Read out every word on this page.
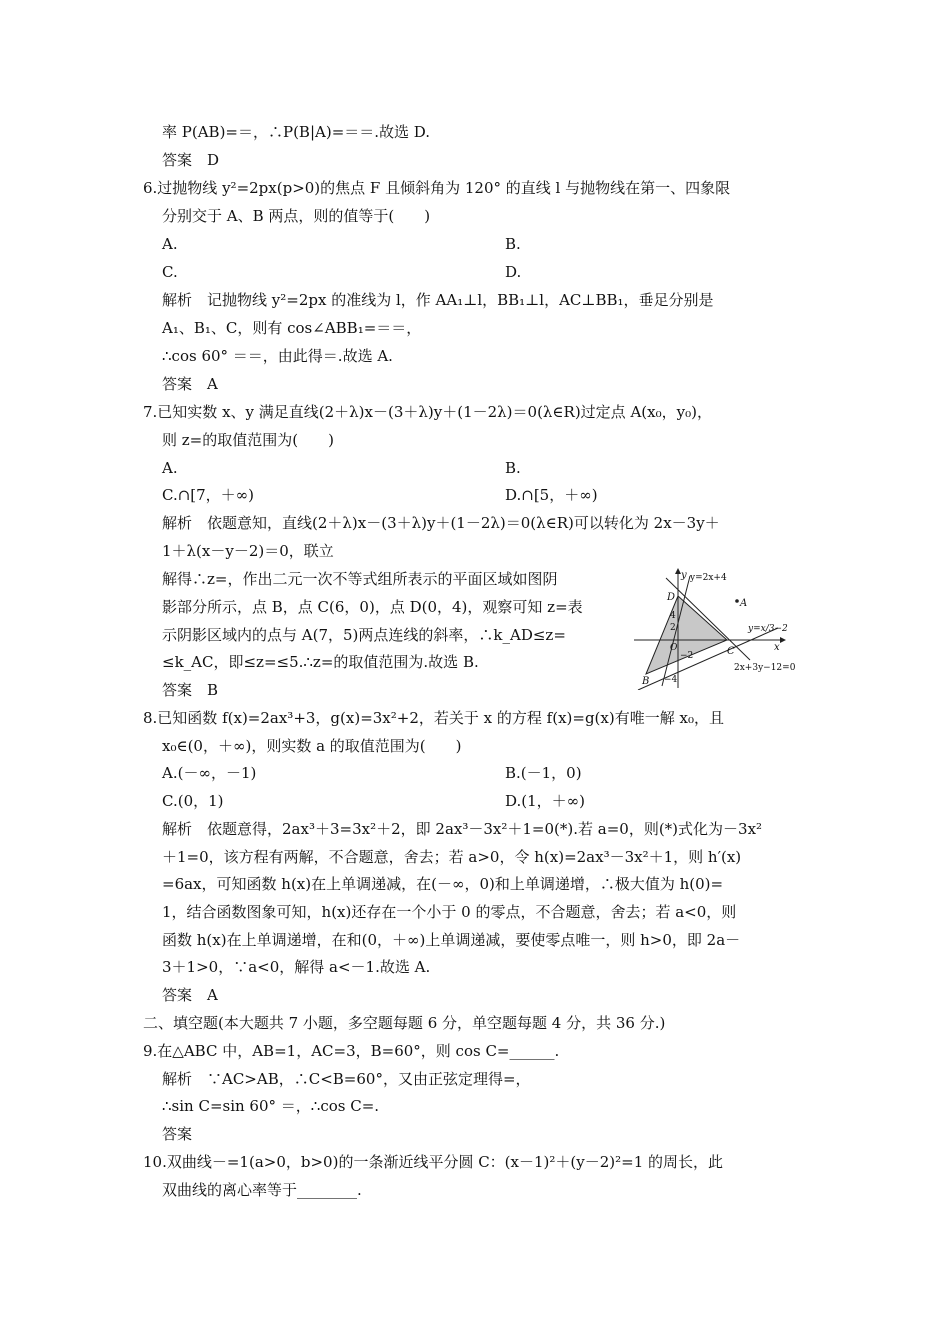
率 P(AB)=＝，∴P(B|A)=＝＝.故选 D.
答案　D
6.过抛物线 y²=2px(p>0)的焦点 F 且倾斜角为 120° 的直线 l 与抛物线在第一、四象限
分别交于 A、B 两点，则的值等于(　　)
A.	B.
C.	D.
解析　记抛物线 y²=2px 的准线为 l，作 AA₁⊥l，BB₁⊥l，AC⊥BB₁，垂足分别是
A₁、B₁、C，则有 cos∠ABB₁=＝＝，
∴cos 60° ＝＝，由此得＝.故选 A.
答案　A
7.已知实数 x、y 满足直线(2＋λ)x－(3＋λ)y＋(1－2λ)＝0(λ∈R)过定点 A(x₀，y₀)，
则 z=的取值范围为(　　)
A.	B.
C.∩[7，＋∞)	D.∩[5，＋∞)
解析　依题意知，直线(2＋λ)x－(3＋λ)y＋(1－2λ)＝0(λ∈R)可以转化为 2x－3y＋
1＋λ(x－y－2)＝0，联立
解得∴z=，作出二元一次不等式组所表示的平面区域如图阴
影部分所示，点 B，点 C(6，0)，点 D(0，4)，观察可知 z=表
示阴影区域内的点与 A(7，5)两点连线的斜率，∴k_AD≤z=
≤k_AC，即≤z=≤5.∴z=的取值范围为.故选 B.
答案　B
8.已知函数 f(x)=2ax³+3，g(x)=3x²+2，若关于 x 的方程 f(x)=g(x)有唯一解 x₀，且
x₀∈(0，＋∞)，则实数 a 的取值范围为(　　)
A.(－∞，－1)	B.(－1，0)
C.(0，1)	D.(1，＋∞)
解析　依题意得，2ax³＋3=3x²＋2，即 2ax³－3x²＋1=0(*).若 a=0，则(*)式化为－3x²
＋1=0，该方程有两解，不合题意，舍去；若 a>0，令 h(x)=2ax³－3x²＋1，则 h′(x)
=6ax，可知函数 h(x)在上单调递减，在(－∞，0)和上单调递增，∴极大值为 h(0)=
1，结合函数图象可知，h(x)还存在一个小于 0 的零点，不合题意，舍去；若 a<0，则
函数 h(x)在上单调递增，在和(0，＋∞)上单调递减，要使零点唯一，则 h>0，即 2a－
3＋1>0，∵a<0，解得 a<－1.故选 A.
答案　A
二、填空题(本大题共 7 小题，多空题每题 6 分，单空题每题 4 分，共 36 分.)
9.在△ABC 中，AB=1，AC=3，B=60°，则 cos C=______.
解析　∵AC>AB，∴C<B=60°，又由正弦定理得=，
∴sin C=sin 60° ＝，∴cos C=.
答案
10.双曲线－=1(a>0，b>0)的一条渐近线平分圆 C：(x－1)²＋(y－2)²=1 的周长，此
双曲线的离心率等于________.
y y=2x+4
D
4
2
A
y=x/3−2
O	C	x
−2
B −4
2x+3y−12=0
